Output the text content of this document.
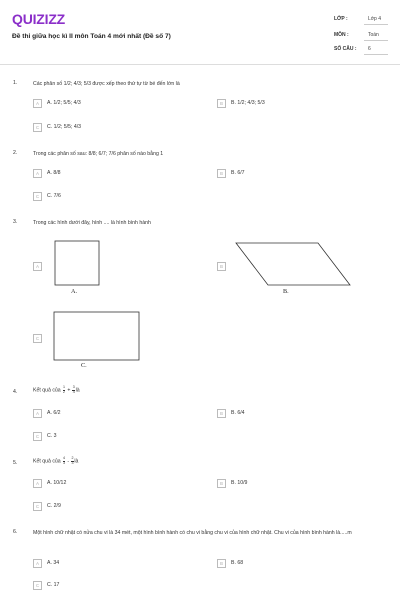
QUIZIZZ
Đề thi giữa học kì II môn Toán 4 mới nhất (Đề số 7)
LỚP :	Lớp 4
MÔN :	Toán
SỐ CÂU : 6
1.	Các phân số 1/2; 4/3; 5/3 được xếp theo thứ tự từ bé đến lớn là
A	A. 1/2; 5/5; 4/3	B	B. 1/2; 4/3; 5/3
C	C. 1/2; 5/5; 4/3
2.	Trong các phân số sau: 8/8; 6/7; 7/6 phân số nào bằng 1
A	A. 8/8	B	B. 6/7
C	C. 7/6
3.	Trong các hình dưới đây, hình .... là hình bình hành
A
A.
B
B.
C
C.
4.	Kết quả của $\frac{1}{2} + \frac{3}{4}$ là
A	A. 6/2	B	B. 6/4
C	C. 3
5.	Kết quả của $\frac{4}{3} - \frac{2}{3}$ là
A	A. 10/12	B	B. 10/9
C	C. 2/9
6.	Một hình chữ nhật có nửa chu vi là 34 mét, một hình bình hành có chu vi bằng chu vi của hình chữ nhật. Chu vi của hình bình hành là.....m
A	A. 34	B	B. 68
C	C. 17
